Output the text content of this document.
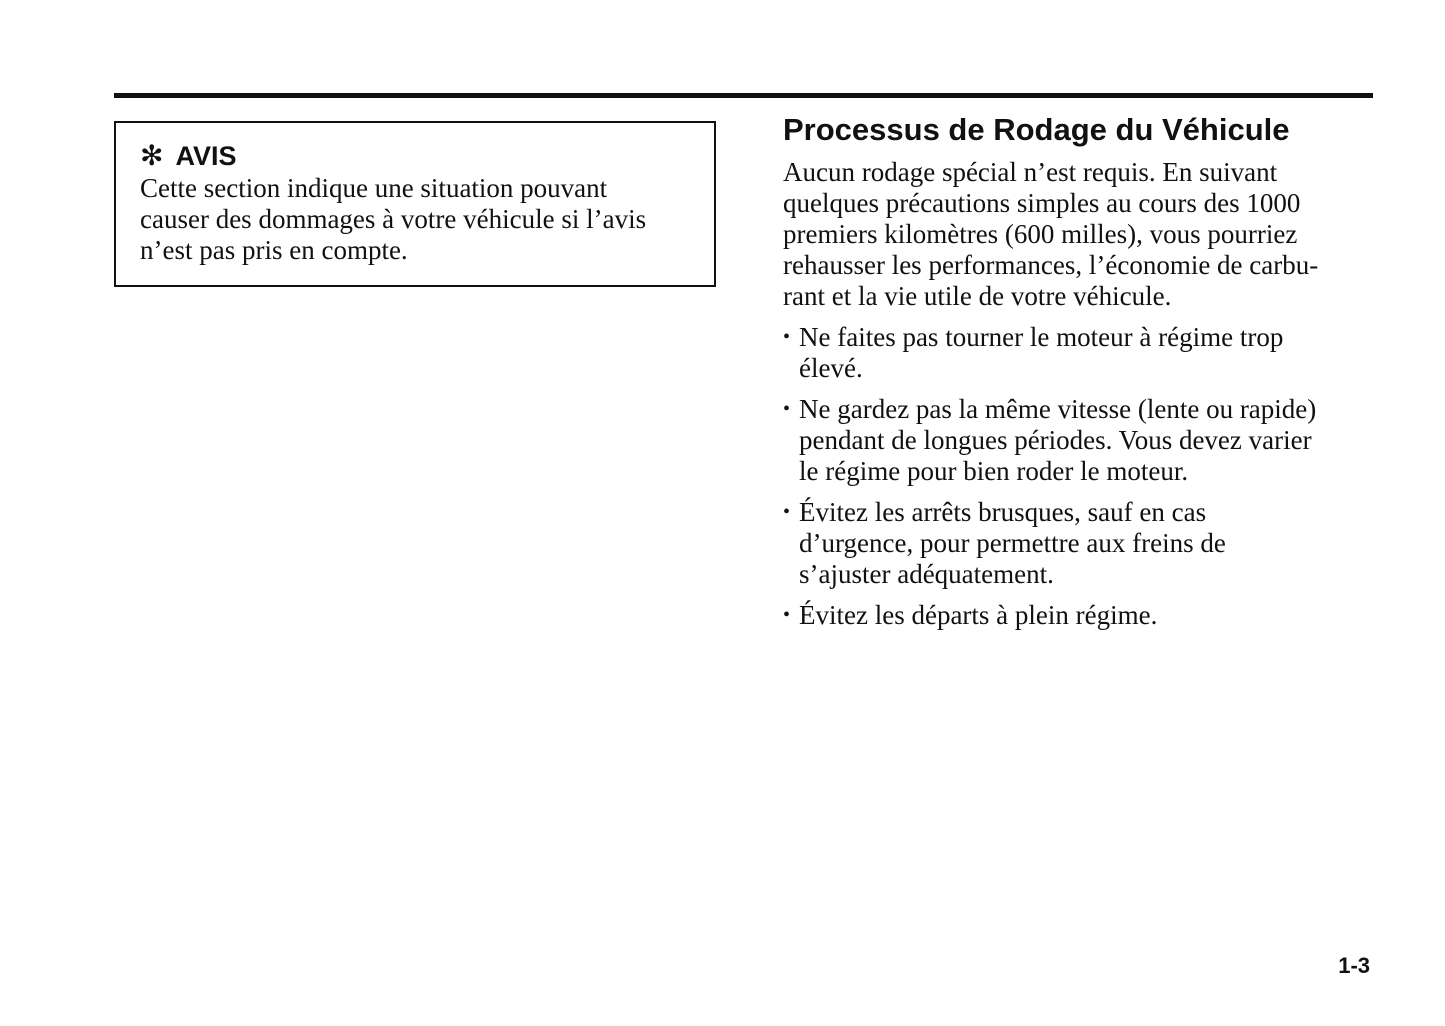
✻ AVIS
Cette section indique une situation pouvant
causer des dommages à votre véhicule si l’avis
n’est pas pris en compte.
Processus de Rodage du Véhicule
Aucun rodage spécial n’est requis. En suivant
quelques précautions simples au cours des 1000
premiers kilomètres (600 milles), vous pourriez
rehausser les performances, l’économie de carbu-
rant et la vie utile de votre véhicule.
• Ne faites pas tourner le moteur à régime trop
élevé.
• Ne gardez pas la même vitesse (lente ou rapide)
pendant de longues périodes. Vous devez varier
le régime pour bien roder le moteur.
• Évitez les arrêts brusques, sauf en cas
d’urgence, pour permettre aux freins de
s’ajuster adéquatement.
• Évitez les départs à plein régime.
1-3
